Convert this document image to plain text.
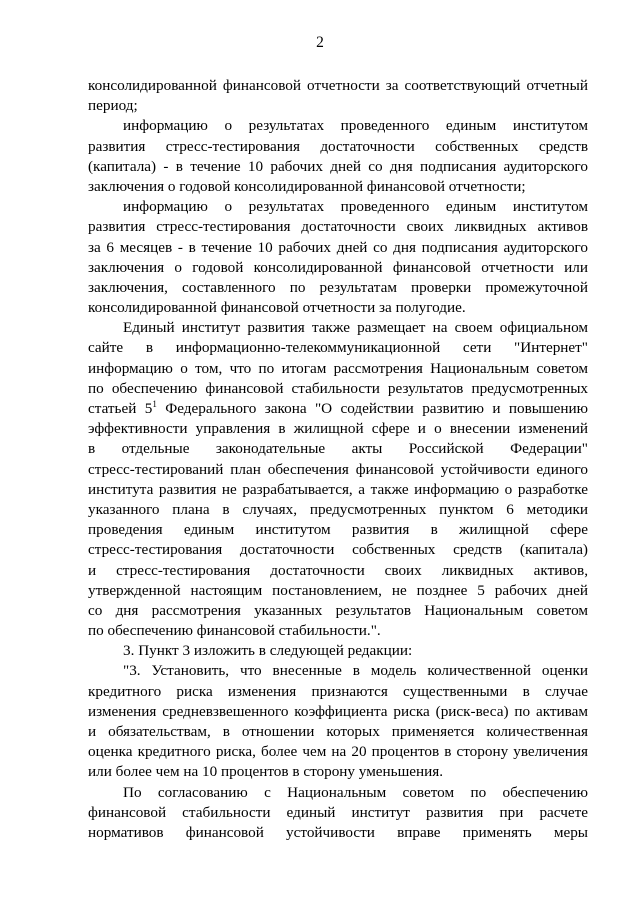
2
консолидированной финансовой отчетности за соответствующий отчетный
период;
информацию о результатах проведенного единым институтом
развития стресс-тестирования достаточности собственных средств
(капитала) - в течение 10 рабочих дней со дня подписания аудиторского
заключения о годовой консолидированной финансовой отчетности;
информацию о результатах проведенного единым институтом
развития стресс-тестирования достаточности своих ликвидных активов
за 6 месяцев - в течение 10 рабочих дней со дня подписания аудиторского
заключения о годовой консолидированной финансовой отчетности или
заключения, составленного по результатам проверки промежуточной
консолидированной финансовой отчетности за полугодие.
Единый институт развития также размещает на своем официальном
сайте в информационно-телекоммуникационной сети "Интернет"
информацию о том, что по итогам рассмотрения Национальным советом
по обеспечению финансовой стабильности результатов предусмотренных
статьей $5^1$ Федерального закона "О содействии развитию и повышению
эффективности управления в жилищной сфере и о внесении изменений
в отдельные законодательные акты Российской Федерации"
стресс-тестирований план обеспечения финансовой устойчивости единого
института развития не разрабатывается, а также информацию о разработке
указанного плана в случаях, предусмотренных пунктом 6 методики
проведения единым институтом развития в жилищной сфере
стресс-тестирования достаточности собственных средств (капитала)
и стресс-тестирования достаточности своих ликвидных активов,
утвержденной настоящим постановлением, не позднее 5 рабочих дней
со дня рассмотрения указанных результатов Национальным советом
по обеспечению финансовой стабильности.".
3. Пункт 3 изложить в следующей редакции:
"3. Установить, что внесенные в модель количественной оценки
кредитного риска изменения признаются существенными в случае
изменения средневзвешенного коэффициента риска (риск-веса) по активам
и обязательствам, в отношении которых применяется количественная
оценка кредитного риска, более чем на 20 процентов в сторону увеличения
или более чем на 10 процентов в сторону уменьшения.
По согласованию с Национальным советом по обеспечению
финансовой стабильности единый институт развития при расчете
нормативов финансовой устойчивости вправе применять меры
